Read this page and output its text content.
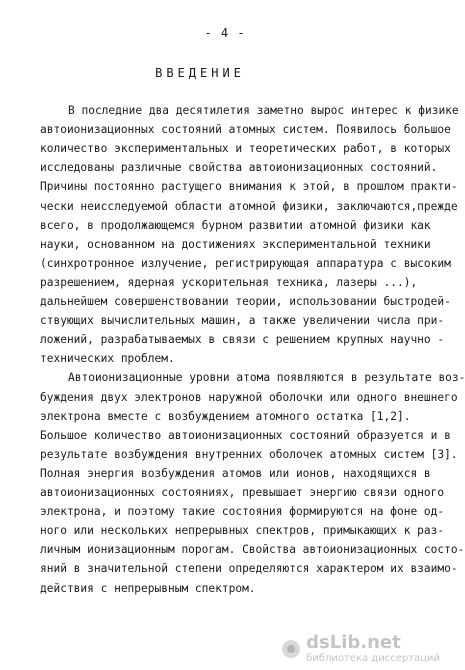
- 4 -
ВВЕДЕНИЕ
В последние два десятилетия заметно вырос интерес к физике
автоионизационных состояний атомных систем. Появилось большое
количество экспериментальных и теоретических работ, в которых
исследованы различные свойства автоионизационных состояний.
Причины постоянно растущего внимания к этой, в прошлом практи-
чески неисследуемой области атомной физики, заключаются,прежде
всего, в продолжающемся бурном развитии атомной физики как
науки, основанном на достижениях экспериментальной техники
(синхротронное излучение, регистрирующая аппаратура с высоким
разрешением, ядерная ускорительная техника, лазеры ...),
дальнейшем совершенствовании теории, использовании быстродей-
ствующих вычислительных машин, а также увеличении числа при-
ложений, разрабатываемых в связи с решением крупных научно -
технических проблем.
Автоионизационные уровни атома появляются в результате воз-
буждения двух электронов наружной оболочки или одного внешнего
электрона вместе с возбуждением атомного остатка [1,2].
Большое количество автоионизационных состояний образуется и в
результате возбуждения внутренних оболочек атомных систем [3].
Полная энергия возбуждения атомов или ионов, находящихся в
автоионизационных состояниях, превышает энергию связи одного
электрона, и поэтому такие состояния формируются на фоне од-
ного или нескольких непрерывных спектров, примыкающих к раз-
личным ионизационным порогам. Свойства автоионизационных состо-
яний в значительной степени определяются характером их взаимо-
действия с непрерывным спектром.
dsLib.net
библиотека диссертаций
